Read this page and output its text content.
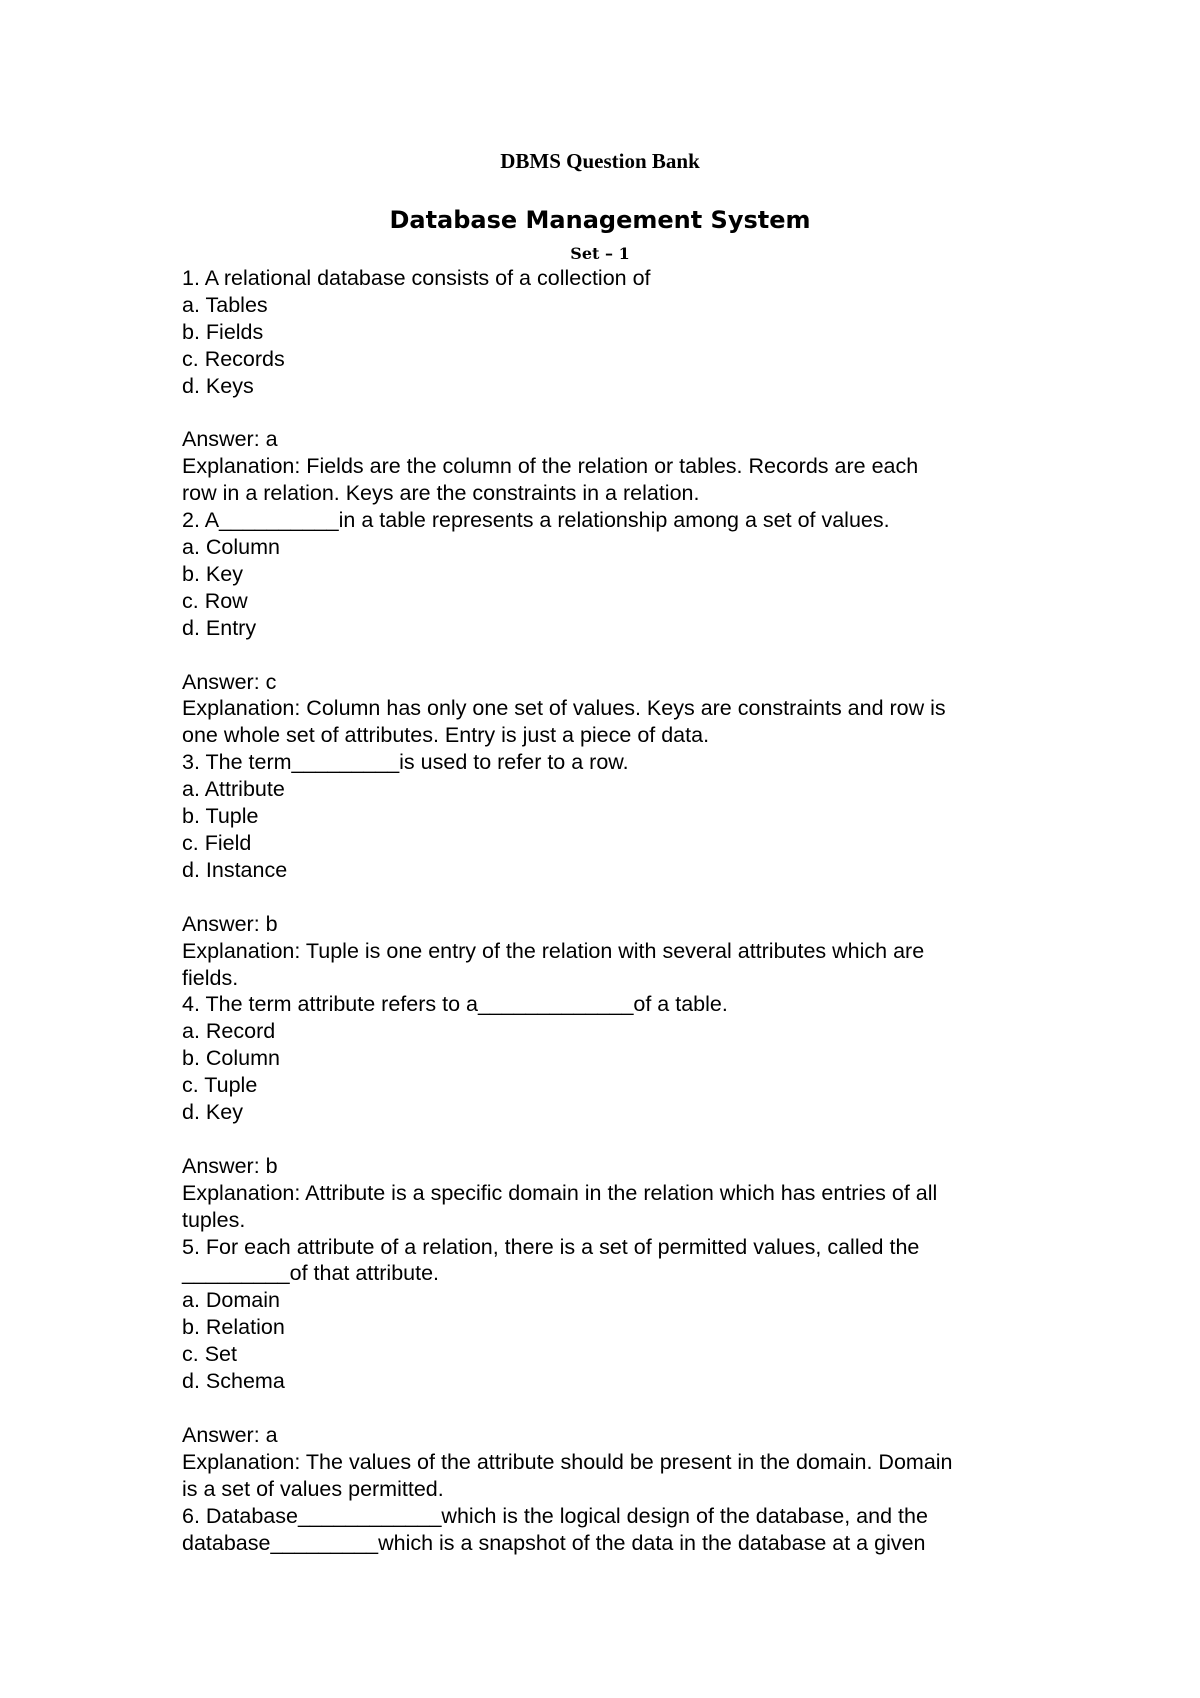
DBMS Question Bank
Database Management System
Set – 1
1. A relational database consists of a collection of
a. Tables
b. Fields
c. Records
d. Keys
Answer: a
Explanation: Fields are the column of the relation or tables. Records are each
row in a relation. Keys are the constraints in a relation.
2. A__________in a table represents a relationship among a set of values.
a. Column
b. Key
c. Row
d. Entry
Answer: c
Explanation: Column has only one set of values. Keys are constraints and row is
one whole set of attributes. Entry is just a piece of data.
3. The term_________is used to refer to a row.
a. Attribute
b. Tuple
c. Field
d. Instance
Answer: b
Explanation: Tuple is one entry of the relation with several attributes which are
fields.
4. The term attribute refers to a_____________of a table.
a. Record
b. Column
c. Tuple
d. Key
Answer: b
Explanation: Attribute is a specific domain in the relation which has entries of all
tuples.
5. For each attribute of a relation, there is a set of permitted values, called the
_________of that attribute.
a. Domain
b. Relation
c. Set
d. Schema
Answer: a
Explanation: The values of the attribute should be present in the domain. Domain
is a set of values permitted.
6. Database____________which is the logical design of the database, and the
database_________which is a snapshot of the data in the database at a given
